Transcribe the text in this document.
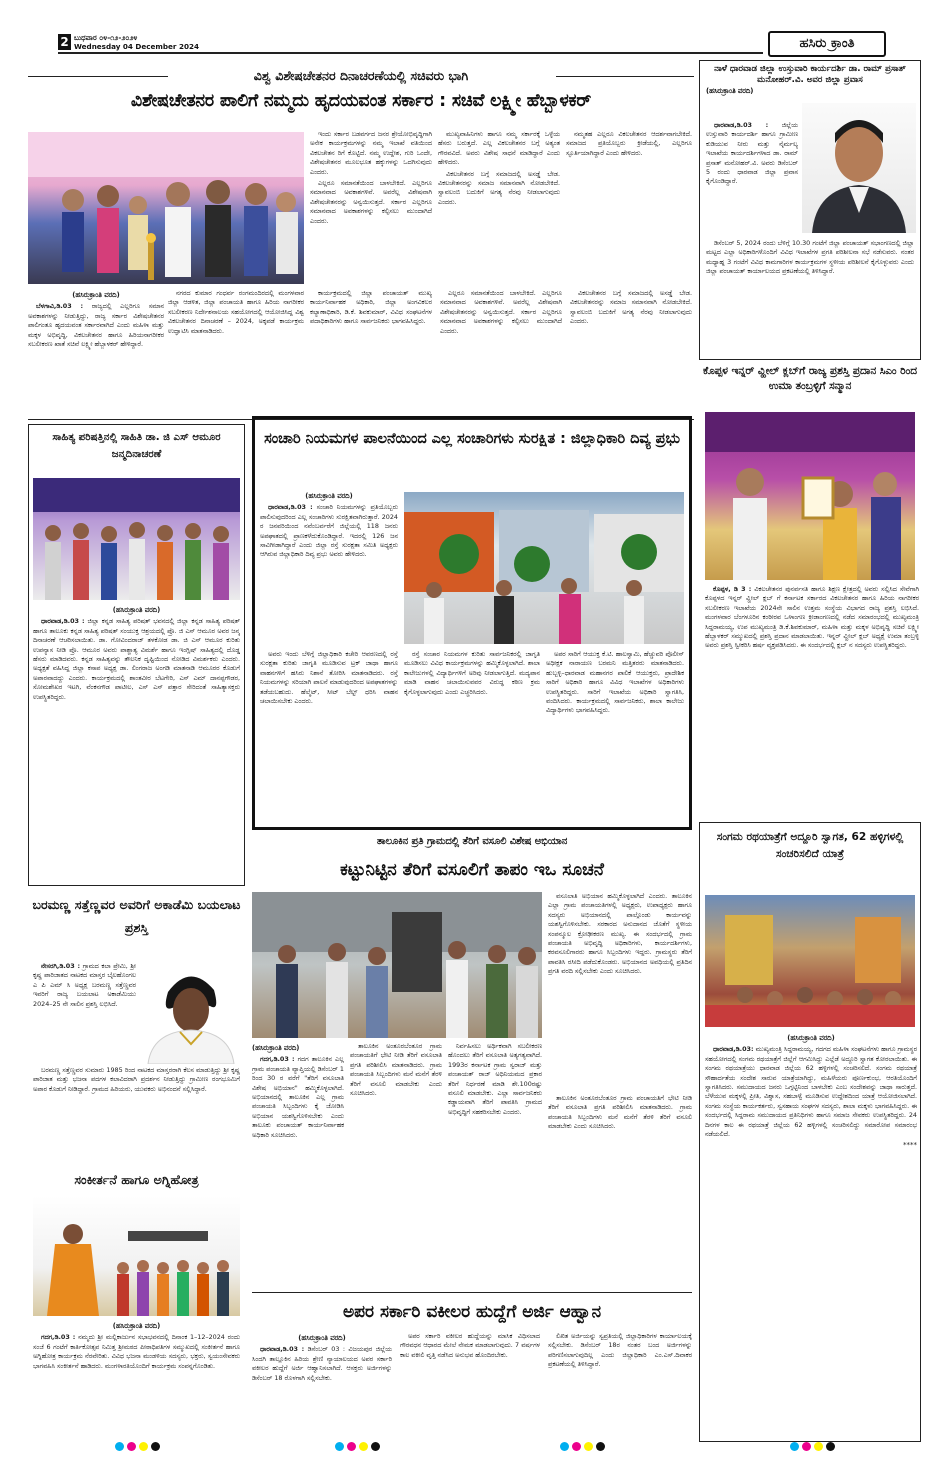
2 ಬುಧವಾರ ೦೪-೧೨-೨೦೨೪
Wednesday 04 December 2024	ಹಸಿರು ಕ್ರಾಂತಿ
ವಿಶ್ವ ವಿಶೇಷಚೇತನರ ದಿನಾಚರಣೆಯಲ್ಲಿ ಸಚಿವರು ಭಾಗಿ
ವಿಶೇಷಚೇತನರ ಪಾಲಿಗೆ ನಮ್ಮದು ಹೃದಯವಂತ ಸರ್ಕಾರ : ಸಚಿವೆ ಲಕ್ಷ್ಮೀ ಹೆಬ್ಬಾಳಕರ್
(ಹಸಿರುಕ್ರಾಂತಿ ವರದಿ)

ಬೆಳಗಾವಿ,ಡಿ.03 : ರಾಜ್ಯದಲ್ಲಿ ಎಲ್ಲರಿಗೂ ಸಮಾನ ಅವಕಾಶಗಳನ್ನು ನೀಡುತ್ತಿದ್ದು, ರಾಜ್ಯ ಸರ್ಕಾರ ವಿಶೇಷಚೇತನರ ಪಾಲಿಗಂತೂ ಹೃದಯವಂತ ಸರ್ಕಾರವಾಗಿದೆ ಎಂದು ಮಹಿಳಾ ಮತ್ತು ಮಕ್ಕಳ ಅಭಿವೃದ್ಧಿ, ವಿಕಲಚೇತನರ ಹಾಗೂ ಹಿರಿಯನಾಗರೀಕರ ಸಬಲೀಕರಣ ಖಾತೆ ಸಚಿವೆ ಲಕ್ಷ್ಮೀ ಹೆಬ್ಬಾಳಕರ್ ಹೇಳಿದ್ದಾರೆ.

ನಗರದ ಕುಮಾರ ಗಂಧರ್ವ ರಂಗಮಂದಿರದಲ್ಲಿ ಮಂಗಳವಾರ ಜಿಲ್ಲಾ ಆಡಳಿತ, ಜಿಲ್ಲಾ ಪಂಚಾಯತಿ ಹಾಗೂ ಹಿರಿಯ ನಾಗರೀಕರ ಸಬಲೀಕರಣ ನಿರ್ದೇಶನಾಲಯ ಸಹಯೋಗದಲ್ಲಿ ಆಯೋಜಿಸಿದ್ದ ವಿಶ್ವ ವಿಕಲಚೇತನರ ದಿನಾಚರಣೆ – 2024, ಅಕ್ಕಪಡೆ ಕಾರ್ಯಕ್ರಮ ಉದ್ಘಾಟಿಸಿ ಮಾತನಾಡಿದರು.

ಇಂದು ಸರ್ಕಾರ ಬಡವರ್ಗದ ಜನರ ಶ್ರೇಯೋಭಿವೃದ್ಧಿಗಾಗಿ ಅನೇಕ ಕಾರ್ಯಕ್ರಮಗಳನ್ನು ನಮ್ಮ ಇಲಾಖೆ ವತಿಯಿಂದ ವಿಕಲಚೇತನ ರಿಗೆ ಕೊಟ್ಟಿದೆ. ನಮ್ಮ ಉದ್ದೇಶ, ಗುರಿ ಒಂದೇ, ವಿಶೇಷಚೇತನರ ಮೂಲಭೂತ ಹಕ್ಕುಗಳನ್ನು ಒದಗಿಸುವುದು ಎಂದರು.

ಎಲ್ಲರೂ ಸಮಾನತೆಯಿಂದ ಬಾಳಬೇಕಿದೆ. ಎಲ್ಲರಿಗೂ ಸಮಾನವಾದ ಅವಕಾಶಗಳಿವೆ. ಅವರೆಲ್ಲ ವಿಶೇಷವಾಗಿ ವಿಶೇಷಚೇತನರನ್ನು ಅನ್ವಯಿಸುತ್ತದೆ. ಸರ್ಕಾರ ಎಲ್ಲರಿಗೂ ಸಮಾನವಾದ ಅವಕಾಶಗಳನ್ನು ಕಲ್ಪಿಸಲು ಮುಂದಾಗಿದೆ ಎಂದರು.

ಮುಖ್ಯವಾಹಿನಿಗಳು ಹಾಗೂ ನಮ್ಮ ಸರ್ಕಾರಕ್ಕೆ ಒಳ್ಳೆಯ ಹೆಸರು ಬರುತ್ತದೆ. ಎಲ್ಲ ವಿಕಲಚೇತನರ ಬಗ್ಗೆ ಅತ್ಯಂತ ಗೌರವವಿದೆ. ಅವರು ವಿಶೇಷ ಸಾಧನೆ ಮಾಡಿದ್ದಾರೆ ಎಂದು ಹೇಳಿದರು.

ವಿಕಲಚೇತನರ ಬಗ್ಗೆ ಸಮಾಜದಲ್ಲಿ ಅಸಡ್ಡೆ ಬೇಡ. ವಿಕಲಚೇತನರನ್ನು ಸಮಾಜ ಸಮಾನವಾಗಿ ನೋಡಬೇಕಿದೆ. ಸ್ವಾವಲಂಬಿ ಬದುಕಿಗೆ ಅಗತ್ಯ ನೆರವು ನೀಡಲಾಗುವುದು ಎಂದರು.

ನಮ್ಮತಹ ಎಲ್ಲರೂ ವಿಕಲಚೇತನರ ಆದರ್ಶವಾಗಬೇಕಿದೆ. ಸಮಾಜದ ಪ್ರತಿಯೊಬ್ಬರು ಕ್ರೀಡೆಯಲ್ಲಿ, ಎಲ್ಲರಿಗೂ ಸ್ಫೂರ್ತಿಯಾಗಿದ್ದಾರೆ ಎಂದು ಹೇಳಿದರು.

ಕಾರ್ಯಕ್ರಮದಲ್ಲಿ ಜಿಲ್ಲಾ ಪಂಚಾಯತ್ ಮುಖ್ಯ ಕಾರ್ಯನಿರ್ವಾಹಕ ಅಧಿಕಾರಿ, ಜಿಲ್ಲಾ ಅಂಗವಿಕಲರ ಕಲ್ಯಾಣಾಧಿಕಾರಿ, ಡಿ.ಕೆ. ಶಿವಕುಮಾರ್, ವಿವಿಧ ಸಂಘಟನೆಗಳ ಪದಾಧಿಕಾರಿಗಳು ಹಾಗೂ ಸಾರ್ವಜನಿಕರು ಭಾಗವಹಿಸಿದ್ದರು.

ಎಲ್ಲರೂ ಸಮಾನತೆಯಿಂದ ಬಾಳಬೇಕಿದೆ. ಎಲ್ಲರಿಗೂ ಸಮಾನವಾದ ಅವಕಾಶಗಳಿವೆ. ಅವರೆಲ್ಲ ವಿಶೇಷವಾಗಿ ವಿಶೇಷಚೇತನರನ್ನು ಅನ್ವಯಿಸುತ್ತದೆ. ಸರ್ಕಾರ ಎಲ್ಲರಿಗೂ ಸಮಾನವಾದ ಅವಕಾಶಗಳನ್ನು ಕಲ್ಪಿಸಲು ಮುಂದಾಗಿದೆ ಎಂದರು.

ವಿಕಲಚೇತನರ ಬಗ್ಗೆ ಸಮಾಜದಲ್ಲಿ ಅಸಡ್ಡೆ ಬೇಡ. ವಿಕಲಚೇತನರನ್ನು ಸಮಾಜ ಸಮಾನವಾಗಿ ನೋಡಬೇಕಿದೆ. ಸ್ವಾವಲಂಬಿ ಬದುಕಿಗೆ ಅಗತ್ಯ ನೆರವು ನೀಡಲಾಗುವುದು ಎಂದರು.

ನಾಳೆ ಧಾರವಾಡ ಜಿಲ್ಲಾ ಉಸ್ತುವಾರಿ ಕಾರ್ಯದರ್ಶಿ ಡಾ. ರಾಮ್ ಪ್ರಸಾತ್ ಮನೋಹರ್.ವಿ. ಅವರ ಜಿಲ್ಲಾ ಪ್ರವಾಸ
(ಹಸಿರುಕ್ರಾಂತಿ ವರದಿ)

ಧಾರವಾಡ,ಡಿ.03 : ಜಿಲ್ಲೆಯ ಉಸ್ತುವಾರಿ ಕಾರ್ಯದರ್ಶಿ ಹಾಗೂ ಗ್ರಾಮೀಣ ಕುಡಿಯುವ ನೀರು ಮತ್ತು ನೈರ್ಮಲ್ಯ ಇಲಾಖೆಯ ಕಾರ್ಯದರ್ಶಿಗಳಾದ ಡಾ. ರಾಮ್ ಪ್ರಸಾತ್ ಮನೋಹರ್.ವಿ. ಅವರು ಡಿಸೆಂಬರ್ 5 ರಂದು ಧಾರವಾಡ ಜಿಲ್ಲಾ ಪ್ರವಾಸ ಕೈಗೊಂಡಿದ್ದಾರೆ.

ಡಿಸೆಂಬರ್ 5, 2024 ರಂದು ಬೆಳಿಗ್ಗೆ 10.30 ಗಂಟೆಗೆ ಜಿಲ್ಲಾ ಪಂಚಾಯತ್ ಸಭಾಂಗಣದಲ್ಲಿ ಜಿಲ್ಲಾ ಮಟ್ಟದ ಎಲ್ಲಾ ಅಧಿಕಾರಿಗಳೊಂದಿಗೆ ವಿವಿಧ ಇಲಾಖೆಗಳ ಪ್ರಗತಿ ಪರಿಶೀಲನಾ ಸಭೆ ನಡೆಸುವರು. ನಂತರ ಮಧ್ಯಾಹ್ನ 3 ಗಂಟೆಗೆ ವಿವಿಧ ಕಾಮಗಾರಿಗಳ ಕಾರ್ಯಕ್ರಮಗಳ ಸ್ಥಳೀಯ ಪರಿಶೀಲನೆ ಕೈಗೊಳ್ಳುವರು ಎಂದು ಜಿಲ್ಲಾ ಪಂಚಾಯತ್ ಕಾರ್ಯಾಲಯದ ಪ್ರಕಟಣೆಯಲ್ಲಿ ತಿಳಿಸಿದ್ದಾರೆ.

ಕೊಪ್ಪಳ ಇನ್ನರ್ ವ್ಹೀಲ್ ಕ್ಲಬ್‌ಗೆ ರಾಜ್ಯ ಪ್ರಶಸ್ತಿ ಪ್ರದಾನ ಸಿಎಂ ರಿಂದ ಉಮಾ ತಂಬ್ರಳ್ಳಿಗೆ ಸನ್ಮಾನ

ಕೊಪ್ಪಳ, ಡಿ 3 : ವಿಕಲಚೇತನರ ಪುನರ್ವಸತಿ ಹಾಗೂ ಶಿಕ್ಷಣ ಕ್ಷೇತ್ರದಲ್ಲಿ ಅವರು ಸಲ್ಲಿಸಿದ ಸೇವೆಗಾಗಿ ಕೊಪ್ಪಳದ ಇನ್ನರ್ ವ್ಹೀಲ್ ಕ್ಲಬ್ ಗೆ ಕರ್ನಾಟಕ ಸರ್ಕಾರದ ವಿಕಲಚೇತನರ ಹಾಗೂ ಹಿರಿಯ ನಾಗರೀಕರ ಸಬಲೀಕರಣ ಇಲಾಖೆಯ 2024ನೇ ಸಾಲಿನ ಉತ್ತಮ ಸಂಸ್ಥೆಯ ವಿಭಾಗದ ರಾಜ್ಯ ಪ್ರಶಸ್ತಿ ಲಭಿಸಿದೆ. ಮಂಗಳವಾರ ಬೆಂಗಳೂರಿನ ಕಂಠೀರವ ಒಳಾಂಗಣ ಕ್ರೀಡಾಂಗಣದಲ್ಲಿ ನಡೆದ ಸಮಾರಂಭದಲ್ಲಿ ಮುಖ್ಯಮಂತ್ರಿ ಸಿದ್ದರಾಮಯ್ಯ, ಉಪ ಮುಖ್ಯಮಂತ್ರಿ ಡಿ.ಕೆ.ಶಿವಕುಮಾರ್, ಮಹಿಳಾ ಮತ್ತು ಮಕ್ಕಳ ಅಭಿವೃದ್ಧಿ ಸಚಿವೆ ಲಕ್ಷ್ಮೀ ಹೆಬ್ಬಾಳಕರ್ ಸಮ್ಮುಖದಲ್ಲಿ ಪ್ರಶಸ್ತಿ ಪ್ರದಾನ ಮಾಡಲಾಯಿತು. ಇನ್ನರ್ ವ್ಹೀಲ್ ಕ್ಲಬ್ ಅಧ್ಯಕ್ಷೆ ಉಮಾ ತಂಬ್ರಳ್ಳಿ ಅವರು ಪ್ರಶಸ್ತಿ ಸ್ವೀಕರಿಸಿ ಹರ್ಷ ವ್ಯಕ್ತಪಡಿಸಿದರು. ಈ ಸಂದರ್ಭದಲ್ಲಿ ಕ್ಲಬ್ ನ ಸದಸ್ಯರು ಉಪಸ್ಥಿತರಿದ್ದರು.

ಸಂಗಮ ರಥಯಾತ್ರೆಗೆ ಅದ್ದೂರಿ ಸ್ವಾಗತ, 62 ಹಳ್ಳಿಗಳಲ್ಲಿ ಸಂಚರಿಸಲಿದೆ ಯಾತ್ರೆ
(ಹಸಿರುಕ್ರಾಂತಿ ವರದಿ)

ಧಾರವಾಡ,ಡಿ.03: ಮುಖ್ಯಮಂತ್ರಿ ಸಿದ್ದರಾಮಯ್ಯ, ಗದಗದ ಮಹಿಳಾ ಸಂಘಟನೆಗಳು ಹಾಗೂ ಗ್ರಾಮಸ್ಥರ ಸಹಯೋಗದಲ್ಲಿ ಸಂಗಮ ರಥಯಾತ್ರೆಗೆ ಜಿಲ್ಲೆಗೆ ಆಗಮಿಸಿದ್ದು ಎಲ್ಲೆಡೆ ಅದ್ದೂರಿ ಸ್ವಾಗತ ಕೋರಲಾಯಿತು. ಈ ಸಂಗಮ ರಥಯಾತ್ರೆಯು ಧಾರವಾಡ ಜಿಲ್ಲೆಯ 62 ಹಳ್ಳಿಗಳಲ್ಲಿ ಸಂಚರಿಸಲಿದೆ. ಸಂಗಮ ರಥಯಾತ್ರೆ ಸೌಹಾರ್ದತೆಯ ಸಂದೇಶ ಸಾರುವ ಯಾತ್ರೆಯಾಗಿದ್ದು, ಮಹಿಳೆಯರು ಪೂರ್ಣಕುಂಭ, ಆರತಿಯೊಂದಿಗೆ ಸ್ವಾಗತಿಸಿದರು. ಸಮುದಾಯದ ಜನರು ಒಗ್ಗಟ್ಟಿನಿಂದ ಬಾಳಬೇಕು ಎಂಬ ಸಂದೇಶವನ್ನು ಜಾಥಾ ಸಾರುತ್ತದೆ. ಬೆಳೆಯುವ ಮಕ್ಕಳಲ್ಲಿ ಪ್ರೀತಿ, ವಿಶ್ವಾಸ, ಸಹಬಾಳ್ವೆ ಮೂಡಿಸುವ ಉದ್ದೇಶದಿಂದ ಯಾತ್ರೆ ಆಯೋಜಿಸಲಾಗಿದೆ. ಸಂಗಮ ಸಂಸ್ಥೆಯ ಕಾರ್ಯಕರ್ತರು, ಸ್ವಸಹಾಯ ಸಂಘಗಳ ಸದಸ್ಯರು, ಶಾಲಾ ಮಕ್ಕಳು ಭಾಗವಹಿಸಿದ್ದರು. ಈ ಸಂದರ್ಭದಲ್ಲಿ ಸಿದ್ದರಾಮ ಸಮುದಾಯದ ಪ್ರತಿನಿಧಿಗಳು ಹಾಗೂ ಸಮಾಜ ಸೇವಕರು ಉಪಸ್ಥಿತರಿದ್ದರು. 24 ದಿನಗಳ ಕಾಲ ಈ ರಥಯಾತ್ರೆ ಜಿಲ್ಲೆಯ 62 ಹಳ್ಳಿಗಳಲ್ಲಿ ಸಂಚರಿಸಲಿದ್ದು ಸಮಾರೋಪ ಸಮಾರಂಭ ನಡೆಯಲಿದೆ.

****
ಸಾಹಿತ್ಯ ಪರಿಷತ್ತಿನಲ್ಲಿ ಸಾಹಿತಿ ಡಾ. ಜಿ ಎಸ್ ಆಮೂರ ಜನ್ಮದಿನಾಚರಣೆ
(ಹಸಿರುಕ್ರಾಂತಿ ವರದಿ)

ಧಾರವಾಡ,ಡಿ.03 : ಜಿಲ್ಲಾ ಕನ್ನಡ ಸಾಹಿತ್ಯ ಪರಿಷತ್ ಭವನದಲ್ಲಿ ಜಿಲ್ಲಾ ಕನ್ನಡ ಸಾಹಿತ್ಯ ಪರಿಷತ್ ಹಾಗೂ ತಾಲೂಕು ಕನ್ನಡ ಸಾಹಿತ್ಯ ಪರಿಷತ್ ಸಂಯುಕ್ತ ಆಶ್ರಯದಲ್ಲಿ ಪ್ರೊ. ಜಿ ಎಸ್ ಆಮೂರ ಅವರ ಜನ್ಮ ದಿನಾಚರಣೆ ಆಚರಿಸಲಾಯಿತು. ಡಾ. ಗೋವಿಂದರಾಜ್ ತಳಕೋಡ ಡಾ. ಜಿ ಎಸ್ ಆಮೂರ ಕುರಿತು ಉಪನ್ಯಾಸ ನೀಡಿ ಪ್ರೊ. ಆಮೂರ ಅವರು ಪಾಶ್ಚಾತ್ಯ ವಿಮರ್ಶೆ ಹಾಗೂ ಇಂಗ್ಲಿಷ್ ಸಾಹಿತ್ಯದಲ್ಲಿ ದೊಡ್ಡ ಹೆಸರು ಮಾಡಿದವರು. ಕನ್ನಡ ಸಾಹಿತ್ಯವನ್ನು ತೌಲನಿಕ ದೃಷ್ಟಿಯಿಂದ ನೋಡಿದ ವಿಮರ್ಶಕರು ಎಂದರು. ಅಧ್ಯಕ್ಷತೆ ವಹಿಸಿದ್ದ ಜಿಲ್ಲಾ ಕಸಾಪ ಅಧ್ಯಕ್ಷ ಡಾ. ಲಿಂಗರಾಜ ಅಂಗಡಿ ಮಾತನಾಡಿ ಆಮೂರರ ಕೊಡುಗೆ ಅಪಾರವಾದದ್ದು ಎಂದರು. ಕಾರ್ಯಕ್ರಮದಲ್ಲಿ ಶಾಂತವೀರ ಬೆಟಗೇರಿ, ಎಸ್ ಎಮ್ ದಾನಪ್ಪಗೌಡರ, ಸೋಮಶೇಖರ ಇಟಗಿ, ವೆಂಕನಗೌಡ ಪಾಟೀಲ, ಎಸ್ ಎಸ್ ಪತ್ತಾರ ಸೇರಿದಂತೆ ಸಾಹಿತ್ಯಾಸಕ್ತರು ಉಪಸ್ಥಿತರಿದ್ದರು.

ಬರಮಣ್ಣ ಸತ್ತೆಣ್ಣವರ ಅವರಿಗೆ ಅಕಾಡೆಮಿ ಬಯಲಾಟ ಪ್ರಶಸ್ತಿ

ನೇಸರಗಿ,ಡಿ.03 : ಗ್ರಾಮದ ಕಲಾ ಪ್ರೇಮಿ, ಶ್ರೀ ಕೃಷ್ಣ ಪಾರಿಜಾತದ ನಾಟಕದ ಮಾಸ್ತರ ಬೈಲಹೊಂಗಲ ಎ ಪಿ ಎಮ್ ಸಿ ಅಧ್ಯಕ್ಷ ಬರಮಣ್ಣ ಸತ್ತೆಣ್ಣವರ ಇವರಿಗೆ ರಾಜ್ಯ ಬಯಲಾಟ ಅಕಾಡೆಮಿಯು 2024–25 ನೇ ಸಾಲಿನ ಪ್ರಶಸ್ತಿ ಲಭಿಸಿದೆ.

ಬರಮಣ್ಣ ಸತ್ತೆಣ್ಣವರ ಸುಮಾರು 1985 ರಿಂದ ನಾಟಕದ ಮಾಸ್ತರರಾಗಿ ಕೆಲಸ ಮಾಡುತ್ತಿದ್ದು ಶ್ರೀ ಕೃಷ್ಣ ಪಾರಿಜಾತ ಮತ್ತು ಭಜನಾ ಪದಗಳ ಕಲಾವಿದರಾಗಿ ಪ್ರದರ್ಶನ ನೀಡುತ್ತಿದ್ದು ಗ್ರಾಮೀಣ ರಂಗಭೂಮಿಗೆ ಅಪಾರ ಕೊಡುಗೆ ನೀಡಿದ್ದಾರೆ. ಗ್ರಾಮದ ಹಿರಿಯರು, ಯುವಕರು ಅಭಿನಂದನೆ ಸಲ್ಲಿಸಿದ್ದಾರೆ.

ಸಂಕೀರ್ತನೆ ಹಾಗೂ ಅಗ್ನಿಹೋತ್ರ
(ಹಸಿರುಕ್ರಾಂತಿ ವರದಿ)

ಗದಗ,ಡಿ.03 : ನಮ್ಮದು ಶ್ರೀ ಮಲ್ಲಿಕಾರ್ಜುನ ಸಭಾಭವನದಲ್ಲಿ ದಿನಾಂಕ 1–12–2024 ರಂದು ಸಂಜೆ 6 ಗಂಟೆಗೆ ಕಾರ್ತಿಕೋತ್ಸವ ನಿಮಿತ್ತ ಶ್ರೀಮಠದ ಪೀಠಾಧಿಪತಿಗಳ ಸಮ್ಮುಖದಲ್ಲಿ ಸಂಕೀರ್ತನೆ ಹಾಗೂ ಅಗ್ನಿಹೋತ್ರ ಕಾರ್ಯಕ್ರಮ ನೆರವೇರಿತು. ವಿವಿಧ ಭಜನಾ ಮಂಡಳಿಯ ಸದಸ್ಯರು, ಭಕ್ತರು, ಸ್ವಯಂಸೇವಕರು ಭಾಗವಹಿಸಿ ಸಂಕೀರ್ತನೆ ಹಾಡಿದರು. ಮಂಗಳಾರತಿಯೊಂದಿಗೆ ಕಾರ್ಯಕ್ರಮ ಸಂಪನ್ನಗೊಂಡಿತು.

ಸಂಚಾರಿ ನಿಯಮಗಳ ಪಾಲನೆಯಿಂದ ಎಲ್ಲ ಸಂಚಾರಿಗಳು ಸುರಕ್ಷಿತ : ಜಿಲ್ಲಾಧಿಕಾರಿ ದಿವ್ಯ ಪ್ರಭು
(ಹಸಿರುಕ್ರಾಂತಿ ವರದಿ)

ಧಾರವಾಡ,ಡಿ.03 : ಸಂಚಾರಿ ನಿಯಮಗಳನ್ನು ಪ್ರತಿಯೊಬ್ಬರು ಪಾಲಿಸುವುದರಿಂದ ಎಲ್ಲ ಸಂಚಾರಿಗಳು ಸುರಕ್ಷಿತವಾಗಿರುತ್ತಾರೆ. 2024 ರ ಜನವರಿಯಿಂದ ನವೆಂಬರ್ವರೆಗೆ ಜಿಲ್ಲೆಯಲ್ಲಿ 118 ಜನರು ಅಪಘಾತದಲ್ಲಿ ಪ್ರಾಣಕಳೆದುಕೊಂಡಿದ್ದಾರೆ. ಇದರಲ್ಲಿ 126 ಜನ ಸಾವಿಗೀಡಾಗಿದ್ದಾರೆ ಎಂದು ಜಿಲ್ಲಾ ರಸ್ತೆ ಸುರಕ್ಷತಾ ಸಮಿತಿ ಅಧ್ಯಕ್ಷರು ಆಗಿರುವ ಜಿಲ್ಲಾಧಿಕಾರಿ ದಿವ್ಯ ಪ್ರಭು ಅವರು ಹೇಳಿದರು.

ಅವರು ಇಂದು ಬೆಳಿಗ್ಗೆ ಜಿಲ್ಲಾಧಿಕಾರಿ ಕಚೇರಿ ಆವರಣದಲ್ಲಿ ರಸ್ತೆ ಸುರಕ್ಷತಾ ಕುರಿತು ಜಾಗೃತಿ ಮೂಡಿಸುವ ಟ್ರಕ್ ಜಾಥಾ ಹಾಗೂ ವಾಹನಗಳಿಗೆ ಹಸಿರು ನಿಶಾನೆ ತೋರಿಸಿ ಮಾತನಾಡಿದರು. ರಸ್ತೆ ನಿಯಮಗಳನ್ನು ಸರಿಯಾಗಿ ಪಾಲನೆ ಮಾಡುವುದರಿಂದ ಅಪಘಾತಗಳನ್ನು ತಡೆಯಬಹುದು. ಹೆಲ್ಮೆಟ್, ಸೀಟ್ ಬೆಲ್ಟ್ ಧರಿಸಿ ವಾಹನ ಚಲಾಯಿಸಬೇಕು ಎಂದರು.

ರಸ್ತೆ ಸಂಚಾರ ನಿಯಮಗಳ ಕುರಿತು ಸಾರ್ವಜನಿಕರಲ್ಲಿ ಜಾಗೃತಿ ಮೂಡಿಸಲು ವಿವಿಧ ಕಾರ್ಯಕ್ರಮಗಳನ್ನು ಹಮ್ಮಿಕೊಳ್ಳಲಾಗಿದೆ. ಶಾಲಾ ಕಾಲೇಜುಗಳಲ್ಲಿ ವಿದ್ಯಾರ್ಥಿಗಳಿಗೆ ಅರಿವು ನೀಡಲಾಗುತ್ತಿದೆ. ಮದ್ಯಪಾನ ಮಾಡಿ ವಾಹನ ಚಲಾಯಿಸುವವರ ವಿರುದ್ಧ ಕಠಿಣ ಕ್ರಮ ಕೈಗೊಳ್ಳಲಾಗುವುದು ಎಂದು ಎಚ್ಚರಿಸಿದರು.

ಅಪರ ಸಾರಿಗೆ ಆಯುಕ್ತ ಕೆ.ಟಿ. ಹಾಲಸ್ವಾಮಿ, ಹೆಚ್ಚುವರಿ ಪೊಲೀಸ್ ಅಧೀಕ್ಷಕ ನಾರಾಯಣ ಬರಮನಿ ಮತ್ತಿತರರು ಮಾತನಾಡಿದರು. ಹುಬ್ಬಳ್ಳಿ–ಧಾರವಾಡ ಮಹಾನಗರ ಪಾಲಿಕೆ ಆಯುಕ್ತರು, ಪ್ರಾದೇಶಿಕ ಸಾರಿಗೆ ಅಧಿಕಾರಿ ಹಾಗೂ ವಿವಿಧ ಇಲಾಖೆಗಳ ಅಧಿಕಾರಿಗಳು ಉಪಸ್ಥಿತರಿದ್ದರು. ಸಾರಿಗೆ ಇಲಾಖೆಯ ಅಧಿಕಾರಿ ಸ್ವಾಗತಿಸಿ, ವಂದಿಸಿದರು. ಕಾರ್ಯಕ್ರಮದಲ್ಲಿ ಸಾರ್ವಜನಿಕರು, ಶಾಲಾ ಕಾಲೇಜು ವಿದ್ಯಾರ್ಥಿಗಳು ಭಾಗವಹಿಸಿದ್ದರು.

ತಾಲೂಕಿನ ಪ್ರತಿ ಗ್ರಾಮದಲ್ಲಿ ತೆರಿಗೆ ವಸೂಲಿ ವಿಶೇಷ ಅಭಿಯಾನ
ಕಟ್ಟುನಿಟ್ಟಿನ ತೆರಿಗೆ ವಸೂಲಿಗೆ ತಾಪಂ ಇಒ ಸೂಚನೆ

ವಸೂಲಾತಿ ಅಭಿಯಾನ ಹಮ್ಮಿಕೊಳ್ಳಲಾಗಿದೆ ಎಂದರು. ತಾಲೂಕಿನ ಎಲ್ಲಾ ಗ್ರಾಮ ಪಂಚಾಯತಿಗಳಲ್ಲಿ ಅಧ್ಯಕ್ಷರು, ಉಪಾಧ್ಯಕ್ಷರು ಹಾಗೂ ಸದಸ್ಯರು ಅಭಿಯಾನದಲ್ಲಿ ಪಾಲ್ಗೊಂಡು ಕಾರ್ಯವನ್ನು ಯಶಸ್ವಿಗೊಳಿಸಬೇಕು. ಸರಕಾರದ ಅನುದಾನದ ಜೊತೆಗೆ ಸ್ಥಳೀಯ ಸಂಪನ್ಮೂಲ ಕ್ರೋಢೀಕರಣ ಮುಖ್ಯ. ಈ ಸಂದರ್ಭದಲ್ಲಿ ಗ್ರಾಮ ಪಂಚಾಯತಿ ಅಭಿವೃದ್ಧಿ ಅಧಿಕಾರಿಗಳು, ಕಾರ್ಯದರ್ಶಿಗಳು, ಕರವಸೂಲಿಗಾರರು ಹಾಗೂ ಸಿಬ್ಬಂದಿಗಳು ಇದ್ದರು. ಗ್ರಾಮಸ್ಥರು ತೆರಿಗೆ ಪಾವತಿಸಿ ರಸೀದಿ ಪಡೆದುಕೊಂಡರು. ಅಭಿಯಾನದ ಅವಧಿಯಲ್ಲಿ ಪ್ರತಿದಿನ ಪ್ರಗತಿ ವರದಿ ಸಲ್ಲಿಸಬೇಕು ಎಂದು ಸೂಚಿಸಿದರು.

(ಹಸಿರುಕ್ರಾಂತಿ ವರದಿ)

ಗದಗ,ಡಿ.03 : ಗದಗ ತಾಲೂಕಿನ ಎಲ್ಲ ಗ್ರಾಮ ಪಂಚಾಯತಿ ವ್ಯಾಪ್ತಿಯಲ್ಲಿ ಡಿಸೆಂಬರ್ 1 ರಿಂದ 30 ರ ವರೆಗೆ "ತೆರಿಗೆ ವಸೂಲಾತಿ ವಿಶೇಷ ಅಭಿಯಾನ" ಹಮ್ಮಿಕೊಳ್ಳಲಾಗಿದೆ. ಅಭಿಯಾನದಲ್ಲಿ ತಾಲೂಕಿನ ಎಲ್ಲ ಗ್ರಾಮ ಪಂಚಾಯತಿ ಸಿಬ್ಬಂದಿಗಳು ಕೈ ಜೋಡಿಸಿ ಅಭಿಯಾನ ಯಶಸ್ವಿಗೊಳಿಸಬೇಕು ಎಂದು ತಾಲೂಕು ಪಂಚಾಯತ್ ಕಾರ್ಯನಿರ್ವಾಹಕ ಅಧಿಕಾರಿ ಸೂಚಿಸಿದರು.

ತಾಲೂಕಿನ ಅಂತೂರಬೆಂತೂರ ಗ್ರಾಮ ಪಂಚಾಯತಿಗೆ ಭೇಟಿ ನೀಡಿ ತೆರಿಗೆ ವಸೂಲಾತಿ ಪ್ರಗತಿ ಪರಿಶೀಲಿಸಿ ಮಾತನಾಡಿದರು. ಗ್ರಾಮ ಪಂಚಾಯತಿ ಸಿಬ್ಬಂದಿಗಳು ಮನೆ ಮನೆಗೆ ತೆರಳಿ ತೆರಿಗೆ ವಸೂಲಿ ಮಾಡಬೇಕು ಎಂದು ಸೂಚಿಸಿದರು.

ನಿರ್ವಹಿಸಲು ಅರ್ಥಿಕವಾಗಿ ಸಬಲೀಕರಣ ಹೊಂದಲು ತೆರಿಗೆ ವಸೂಲಾತಿ ಅತ್ಯಗತ್ಯವಾಗಿದೆ. 1993ರ ಕರ್ನಾಟಕ ಗ್ರಾಮ ಸ್ವರಾಜ್ ಮತ್ತು ಪಂಚಾಯತ್ ರಾಜ್ ಅಧಿನಿಯಮದ ಪ್ರಕಾರ ತೆರಿಗೆ ನಿರ್ಧರಣೆ ಮಾಡಿ ಶೇ.100ರಷ್ಟು ವಸೂಲಿ ಮಾಡಬೇಕು. ಎಲ್ಲಾ ಸಾರ್ವಜನಿಕರು ಕಡ್ಡಾಯವಾಗಿ ತೆರಿಗೆ ಪಾವತಿಸಿ ಗ್ರಾಮದ ಅಭಿವೃದ್ಧಿಗೆ ಸಹಕರಿಸಬೇಕು ಎಂದರು.

ತಾಲೂಕಿನ ಅಂತೂರಬೆಂತೂರ ಗ್ರಾಮ ಪಂಚಾಯತಿಗೆ ಭೇಟಿ ನೀಡಿ ತೆರಿಗೆ ವಸೂಲಾತಿ ಪ್ರಗತಿ ಪರಿಶೀಲಿಸಿ ಮಾತನಾಡಿದರು. ಗ್ರಾಮ ಪಂಚಾಯತಿ ಸಿಬ್ಬಂದಿಗಳು ಮನೆ ಮನೆಗೆ ತೆರಳಿ ತೆರಿಗೆ ವಸೂಲಿ ಮಾಡಬೇಕು ಎಂದು ಸೂಚಿಸಿದರು.

ಅಪರ ಸರ್ಕಾರಿ ವಕೀಲರ ಹುದ್ದೆಗೆ ಅರ್ಜಿ ಆಹ್ವಾನ
(ಹಸಿರುಕ್ರಾಂತಿ ವರದಿ)

ಧಾರವಾಡ,ಡಿ.03 : ಡಿಸೆಂಬರ್ 03 : ವಿಜಯಪುರ ಜಿಲ್ಲೆಯ ಸಿಂದಗಿ ತಾಲ್ಲೂಕಿನ ಹಿರಿಯ ಶ್ರೇಣಿ ನ್ಯಾಯಾಲಯದ ಅಪರ ಸರ್ಕಾರಿ ವಕೀಲರ ಹುದ್ದೆಗೆ ಅರ್ಜಿ ಆಹ್ವಾನಿಸಲಾಗಿದೆ. ಆಸಕ್ತರು ಅರ್ಜಿಗಳನ್ನು ಡಿಸೆಂಬರ್ 18 ರೊಳಗಾಗಿ ಸಲ್ಲಿಸಬೇಕು.

ಅಪರ ಸರ್ಕಾರಿ ವಕೀಲರ ಹುದ್ದೆಯನ್ನು ಮಾಸಿಕ ವಿಧಿಸಲಾದ ಗೌರವಧನ ಆಧಾರದ ಮೇಲೆ ನೇಮಕ ಮಾಡಲಾಗುವುದು. 7 ವರ್ಷಗಳ ಕಾಲ ವಕೀಲಿ ವೃತ್ತಿ ನಡೆಸಿದ ಅನುಭವ ಹೊಂದಿರಬೇಕು.

ಲಿಖಿತ ಅರ್ಜಿಯನ್ನು ಸ್ವಪ್ರತಿಯಲ್ಲಿ ಜಿಲ್ಲಾಧಿಕಾರಿಗಳ ಕಾರ್ಯಾಲಯಕ್ಕೆ ಸಲ್ಲಿಸಬೇಕು. ಡಿಸೆಂಬರ್ 18ರ ನಂತರ ಬಂದ ಅರ್ಜಿಗಳನ್ನು ಪರಿಗಣಿಸಲಾಗುವುದಿಲ್ಲ ಎಂದು ಜಿಲ್ಲಾಧಿಕಾರಿ ಎಂ.ಎಸ್.ದಿವಾಕರ ಪ್ರಕಟಣೆಯಲ್ಲಿ ತಿಳಿಸಿದ್ದಾರೆ.
